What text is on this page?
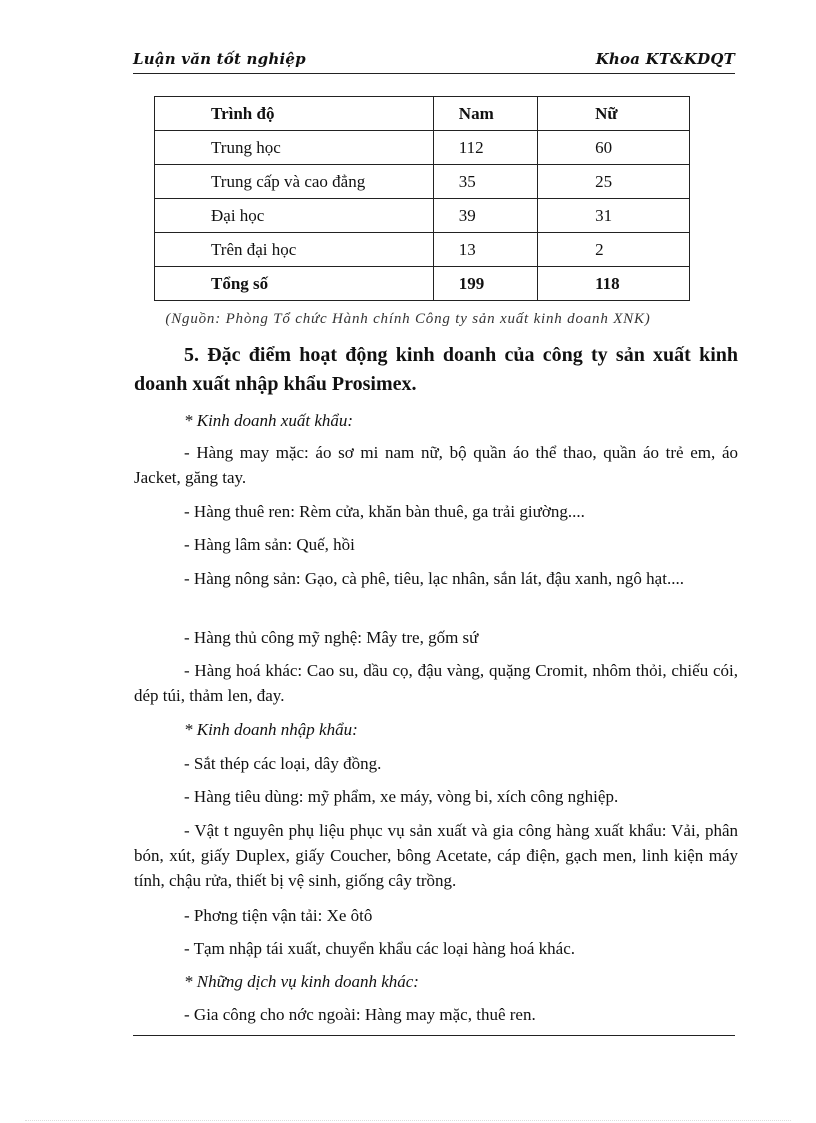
Luận văn tốt nghiệp	Khoa KT&KDQT
Trình độ	Nam	Nữ
Trung học	112	60
Trung cấp và cao đẳng	35	25
Đại học	39	31
Trên đại học	13	2
Tổng số	199	118
(Nguồn: Phòng Tổ chức Hành chính Công ty sản xuất kinh doanh XNK)
5. Đặc điểm hoạt động kinh doanh của công ty sản xuất kinh doanh xuất nhập khẩu Prosimex.
* Kinh doanh xuất khẩu:
- Hàng may mặc: áo sơ mi nam nữ, bộ quần áo thể thao, quần áo trẻ em, áo Jacket, găng tay.
- Hàng thuê ren: Rèm cửa, khăn bàn thuê, ga trải giường....
- Hàng lâm sản: Quế, hồi
- Hàng nông sản: Gạo, cà phê, tiêu, lạc nhân, sắn lát, đậu xanh, ngô hạt....
- Hàng thủ công mỹ nghệ: Mây tre, gốm sứ
- Hàng hoá khác: Cao su, dầu cọ, đậu vàng, quặng Cromit, nhôm thỏi, chiếu cói, dép túi, thảm len, đay.
* Kinh doanh nhập khẩu:
- Sắt thép các loại, dây đồng.
- Hàng tiêu dùng: mỹ phẩm, xe máy, vòng bi, xích công nghiệp.
- Vật t nguyên phụ liệu phục vụ sản xuất và gia công hàng xuất khẩu: Vải, phân bón, xút, giấy Duplex, giấy Coucher, bông Acetate, cáp điện, gạch men, linh kiện máy tính, chậu rửa, thiết bị vệ sinh, giống cây trồng.
- Phơng tiện vận tải: Xe ôtô
- Tạm nhập tái xuất, chuyển khẩu các loại hàng hoá khác.
* Những dịch vụ kinh doanh khác:
- Gia công cho nớc ngoài: Hàng may mặc, thuê ren.
